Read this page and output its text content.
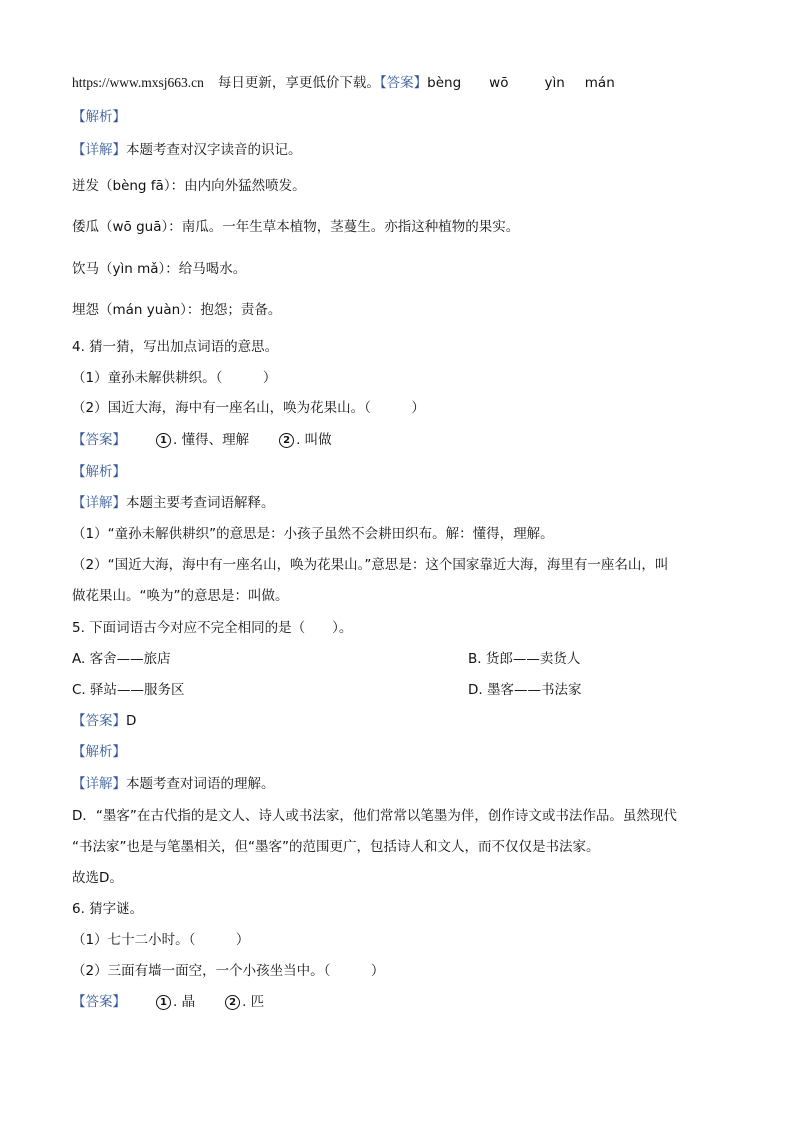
https://www.mxsj663.cn 每日更新，享更低价下载。【答案】bèng wō	yìn mán
【解析】
【详解】本题考查对汉字读音的识记。
迸发（bèng fā）：由内向外猛然喷发。
倭瓜（wō guā）：南瓜。一年生草本植物，茎蔓生。亦指这种植物的果实。
饮马（yìn mǎ）：给马喝水。
埋怨（mán yuàn）：抱怨；责备。
4. 猜一猜，写出加点词语的意思。
（1）童孙未解供耕织。（　　　）
（2）国近大海，海中有一座名山，唤为花果山。（　　　）
【答案】	1 . 懂得、理解	2 . 叫做
【解析】
【详解】本题主要考查词语解释。
（1）“童孙未解供耕织”的意思是：小孩子虽然不会耕田织布。解：懂得，理解。
（2）“国近大海，海中有一座名山，唤为花果山。”意思是：这个国家靠近大海，海里有一座名山，叫
做花果山。“唤为”的意思是：叫做。
5. 下面词语古今对应不完全相同的是（　　）。
A. 客舍——旅店	B. 货郎——卖货人
C. 驿站——服务区	D. 墨客——书法家
【答案】D
【解析】
【详解】本题考查对词语的理解。
D．“墨客”在古代指的是文人、诗人或书法家，他们常常以笔墨为伴，创作诗文或书法作品。虽然现代
“书法家”也是与笔墨相关，但“墨客”的范围更广，包括诗人和文人，而不仅仅是书法家。
故选D。
6. 猜字谜。
（1）七十二小时。（　　　）
（2）三面有墙一面空，一个小孩坐当中。（　　　）
【答案】	1 . 晶	2 . 匹
